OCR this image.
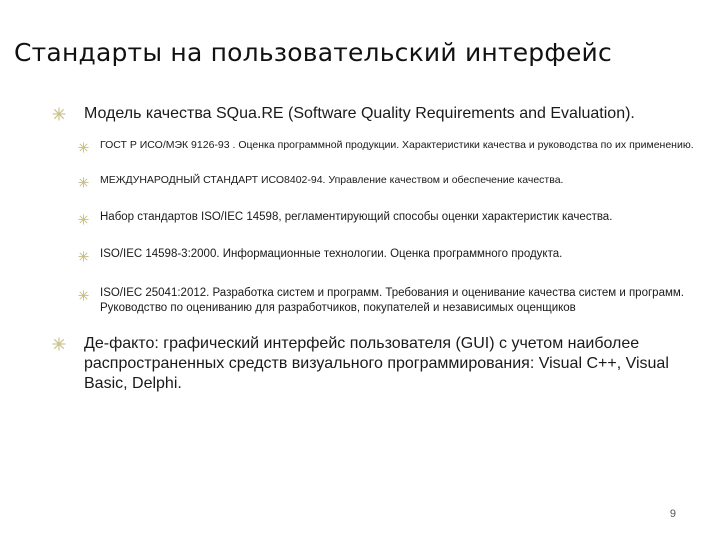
Стандарты на пользовательский интерфейс
Модель качества SQua.RE (Software Quality Requirements and Evaluation).
ГОСТ Р ИСО/МЭК 9126-93 . Оценка программной продукции. Характеристики качества и руководства по их применению.
МЕЖДУНАРОДНЫЙ СТАНДАРТ ИСО8402-94. Управление качеством и обеспечение качества.
Набор стандартов ISO/IEC 14598, регламентирующий способы оценки характеристик качества.
ISO/IEC 14598-3:2000. Информационные технологии. Оценка программного продукта.
ISO/IEC 25041:2012. Разработка систем и программ. Требования и оценивание качества систем и программ. Руководство по оцениванию для разработчиков, покупателей и независимых оценщиков
Де-факто: графический интерфейс пользователя (GUI) с учетом наиболее распространенных средств визуального программирования: Visual C++, Visual Basic, Delphi.
9
